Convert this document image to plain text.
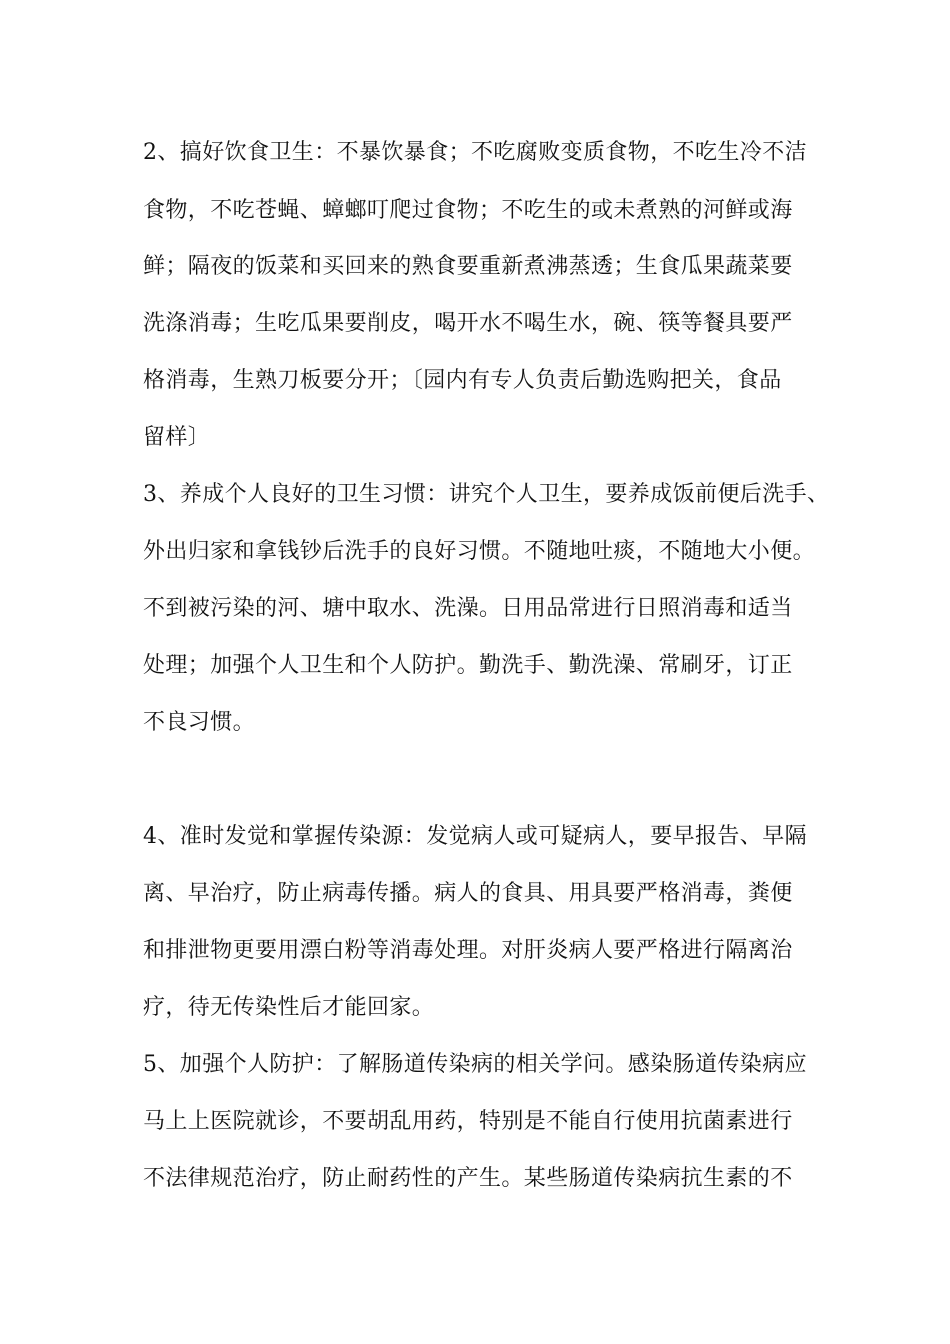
2、搞好饮食卫生：不暴饮暴食；不吃腐败变质食物，不吃生冷不洁
食物，不吃苍蝇、蟑螂叮爬过食物；不吃生的或未煮熟的河鲜或海
鲜；隔夜的饭菜和买回来的熟食要重新煮沸蒸透；生食瓜果蔬菜要
洗涤消毒；生吃瓜果要削皮，喝开水不喝生水，碗、筷等餐具要严
格消毒，生熟刀板要分开；〔园内有专人负责后勤选购把关，食品
留样〕
3、养成个人良好的卫生习惯：讲究个人卫生，要养成饭前便后洗手、
外出归家和拿钱钞后洗手的良好习惯。不随地吐痰，不随地大小便。
不到被污染的河、塘中取水、洗澡。日用品常进行日照消毒和适当
处理；加强个人卫生和个人防护。勤洗手、勤洗澡、常刷牙，订正
不良习惯。
4、准时发觉和掌握传染源：发觉病人或可疑病人，要早报告、早隔
离、早治疗，防止病毒传播。病人的食具、用具要严格消毒，粪便
和排泄物更要用漂白粉等消毒处理。对肝炎病人要严格进行隔离治
疗，待无传染性后才能回家。
5、加强个人防护：了解肠道传染病的相关学问。感染肠道传染病应
马上上医院就诊，不要胡乱用药，特别是不能自行使用抗菌素进行
不法律规范治疗，防止耐药性的产生。某些肠道传染病抗生素的不
